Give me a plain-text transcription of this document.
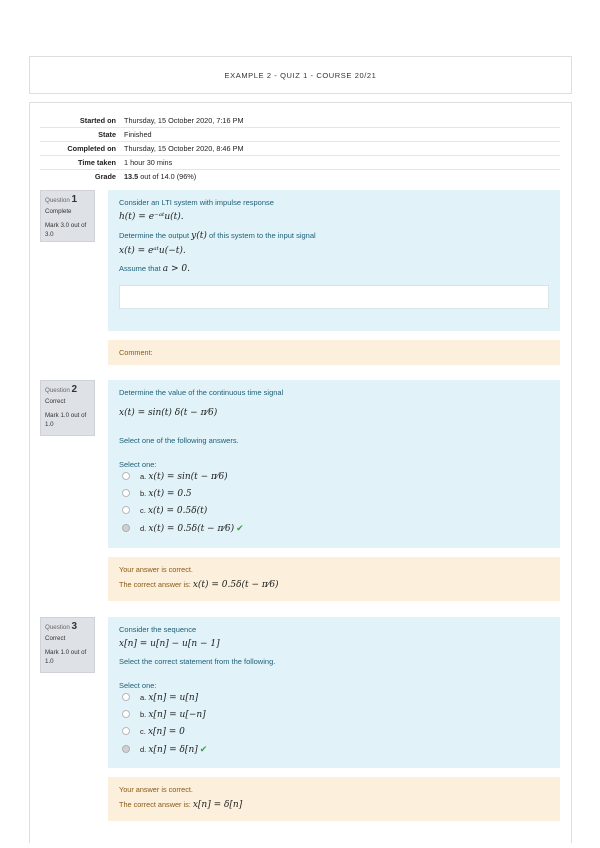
EXAMPLE 2 - QUIZ 1 - COURSE 20/21
Started on Thursday, 15 October 2020, 7:16 PM
State Finished
Completed on Thursday, 15 October 2020, 8:46 PM
Time taken 1 hour 30 mins
Grade 13.5 out of 14.0 (96%)
Question 1
Complete
Mark 3.0 out of 3.0
Consider an LTI system with impulse response
h(t) = e⁻ᵃᵗu(t).
Determine the output y(t) of this system to the input signal
x(t) = eᵃᵗu(−t).
Assume that a > 0.
Comment:
Question 2
Correct
Mark 1.0 out of 1.0
Determine the value of the continuous time signal
x(t) = sin(t) δ(t − π⁄6)
Select one of the following answers.
Select one:
a. x(t) = sin(t − π⁄6)
b. x(t) = 0.5
c. x(t) = 0.5δ(t)
d. x(t) = 0.5δ(t − π⁄6) ✔
Your answer is correct.
The correct answer is: x(t) = 0.5δ(t − π⁄6)
Question 3
Correct
Mark 1.0 out of 1.0
Consider the sequence
x[n] = u[n] − u[n − 1]
Select the correct statement from the following.
Select one:
a. x[n] = u[n]
b. x[n] = u[−n]
c. x[n] = 0
d. x[n] = δ[n] ✔
Your answer is correct.
The correct answer is: x[n] = δ[n]
